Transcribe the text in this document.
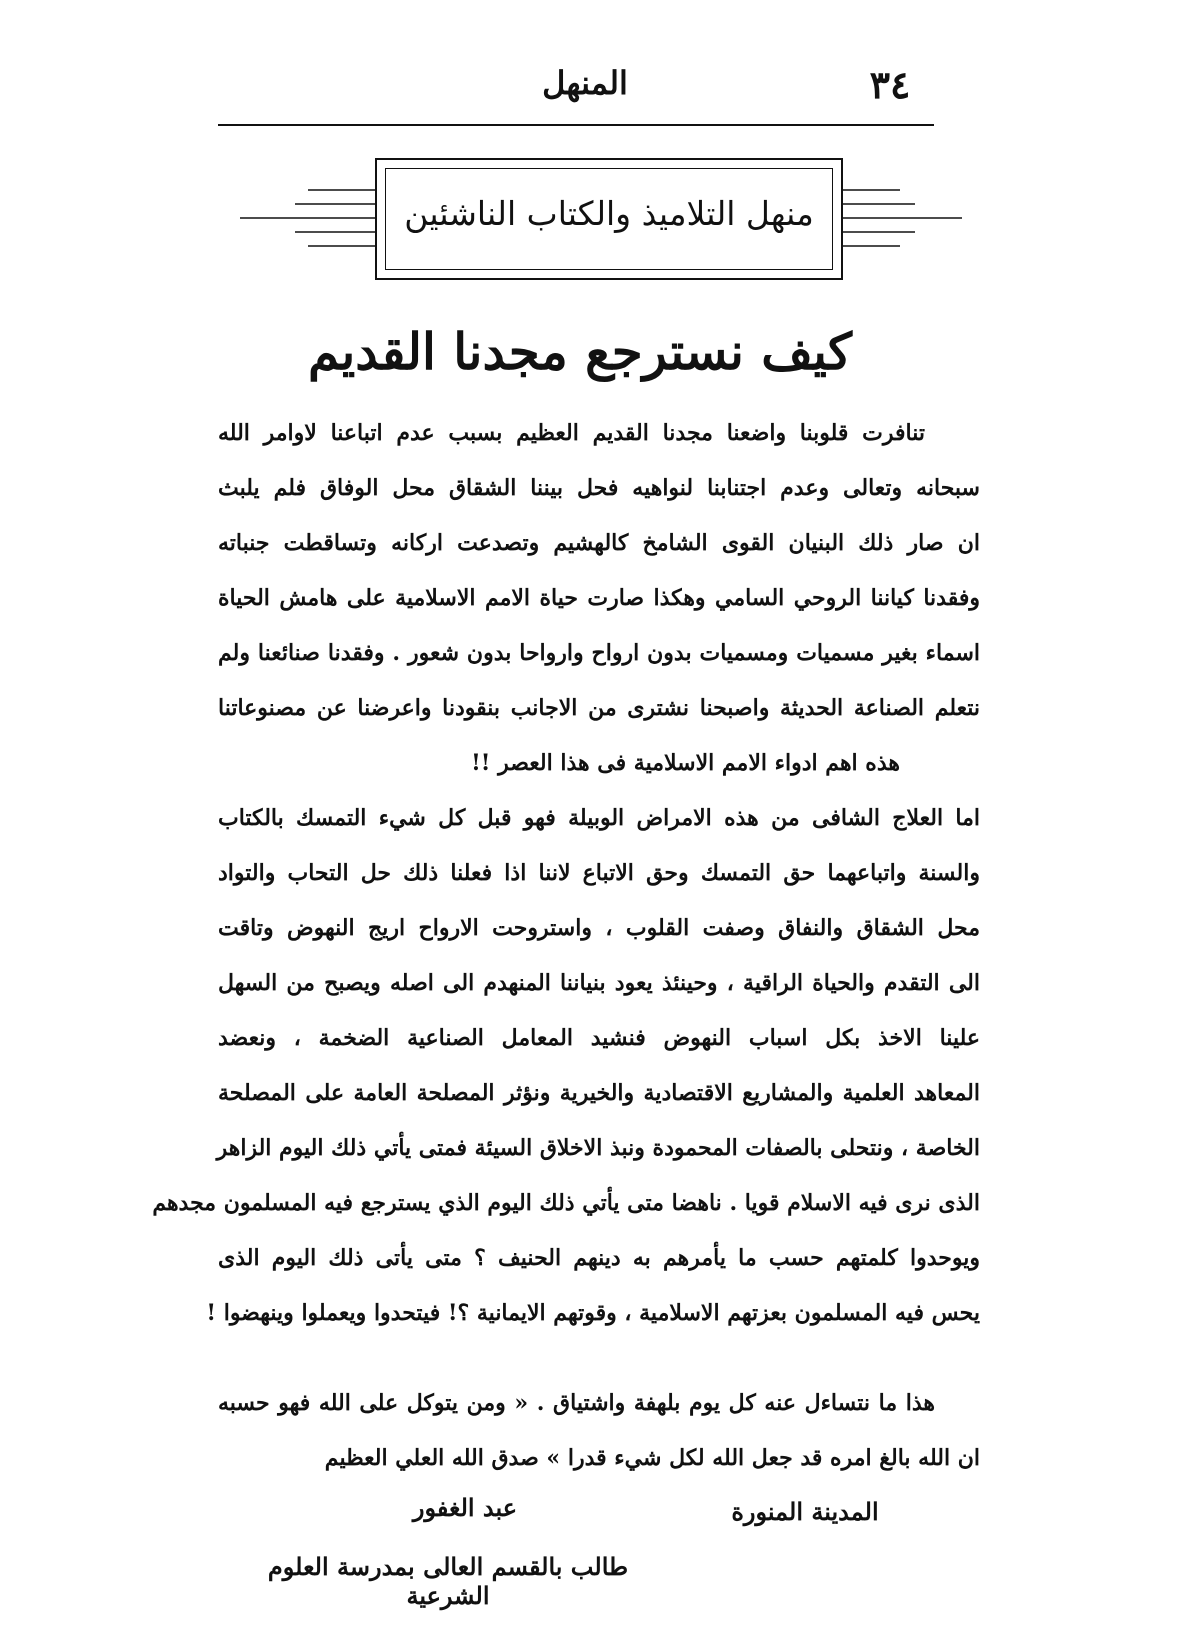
٣٤
المنهل
منهل التلاميذ والكتاب الناشئين
كيف نسترجع مجدنا القديم
تنافرت قلوبنا واضعنا مجدنا القديم العظيم بسبب عدم اتباعنا لاوامر الله
سبحانه وتعالى وعدم اجتنابنا لنواهيه فحل بيننا الشقاق محل الوفاق فلم يلبث
ان صار ذلك البنيان القوى الشامخ كالهشيم وتصدعت اركانه وتساقطت جنباته
وفقدنا كياننا الروحي السامي وهكذا صارت حياة الامم الاسلامية على هامش الحياة
اسماء بغير مسميات ومسميات بدون ارواح وارواحا بدون شعور . وفقدنا صنائعنا ولم
نتعلم الصناعة الحديثة واصبحنا نشترى من الاجانب بنقودنا واعرضنا عن مصنوعاتنا
هذه اهم ادواء الامم الاسلامية فى هذا العصر !!
اما العلاج الشافى من هذه الامراض الوبيلة فهو قبل كل شيء التمسك بالكتاب
والسنة واتباعهما حق التمسك وحق الاتباع لاننا اذا فعلنا ذلك حل التحاب والتواد
محل الشقاق والنفاق وصفت القلوب ، واستروحت الارواح اريج النهوض وتاقت
الى التقدم والحياة الراقية ، وحينئذ يعود بنياننا المنهدم الى اصله ويصبح من السهل
علينا الاخذ بكل اسباب النهوض فنشيد المعامل الصناعية الضخمة ، ونعضد
المعاهد العلمية والمشاريع الاقتصادية والخيرية ونؤثر المصلحة العامة على المصلحة
الخاصة ، ونتحلى بالصفات المحمودة ونبذ الاخلاق السيئة فمتى يأتي ذلك اليوم الزاهر
الذى نرى فيه الاسلام قويا . ناهضا متى يأتي ذلك اليوم الذي يسترجع فيه المسلمون مجدهم
ويوحدوا كلمتهم حسب ما يأمرهم به دينهم الحنيف ؟ متى يأتى ذلك اليوم الذى
يحس فيه المسلمون بعزتهم الاسلامية ، وقوتهم الايمانية ؟! فيتحدوا ويعملوا وينهضوا !
هذا ما نتساءل عنه كل يوم بلهفة واشتياق . « ومن يتوكل على الله فهو حسبه
ان الله بالغ امره قد جعل الله لكل شيء قدرا » صدق الله العلي العظيم
المدينة المنورة
عبد الغفور
طالب بالقسم العالى بمدرسة العلوم الشرعية
